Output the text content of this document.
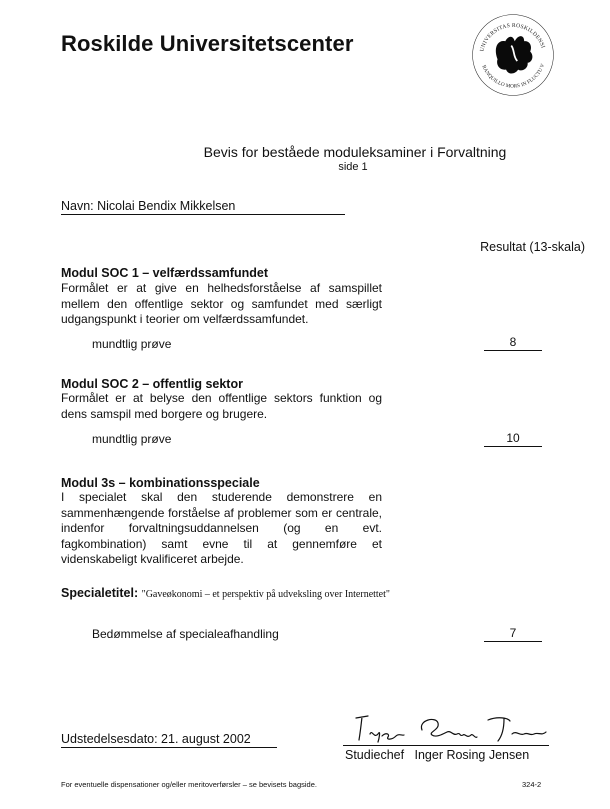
Roskilde Universitetscenter	UNIVERSITAS ROSKILDENSI
RANQUILLO MORS IN FLUCTU V
Bevis for beståede moduleksaminer i Forvaltning
side 1
Navn: Nicolai Bendix Mikkelsen
Resultat (13-skala)
Modul SOC 1 – velfærdssamfundet
Formålet er at give en helhedsforståelse af samspillet mellem den offentlige sektor og samfundet med særligt udgangspunkt i teorier om velfærdssamfundet.
mundtlig prøve	8
Modul SOC 2 – offentlig sektor
Formålet er at belyse den offentlige sektors funktion og dens samspil med borgere og brugere.
mundtlig prøve	10
Modul 3s – kombinationsspeciale
I specialet skal den studerende demonstrere en sammenhængende forståelse af problemer som er centrale, indenfor forvaltningsuddannelsen (og en evt. fagkombination) samt evne til at gennemføre et videnskabeligt kvalificeret arbejde.
Specialetitel: "Gaveøkonomi – et perspektiv på udveksling over Internettet"
Bedømmelse af specialeafhandling	7
Udstedelsesdato: 21. august 2002
Studiechef   Inger Rosing Jensen
For eventuelle dispensationer og/eller meritoverførsler – se bevisets bagside.	324-2
